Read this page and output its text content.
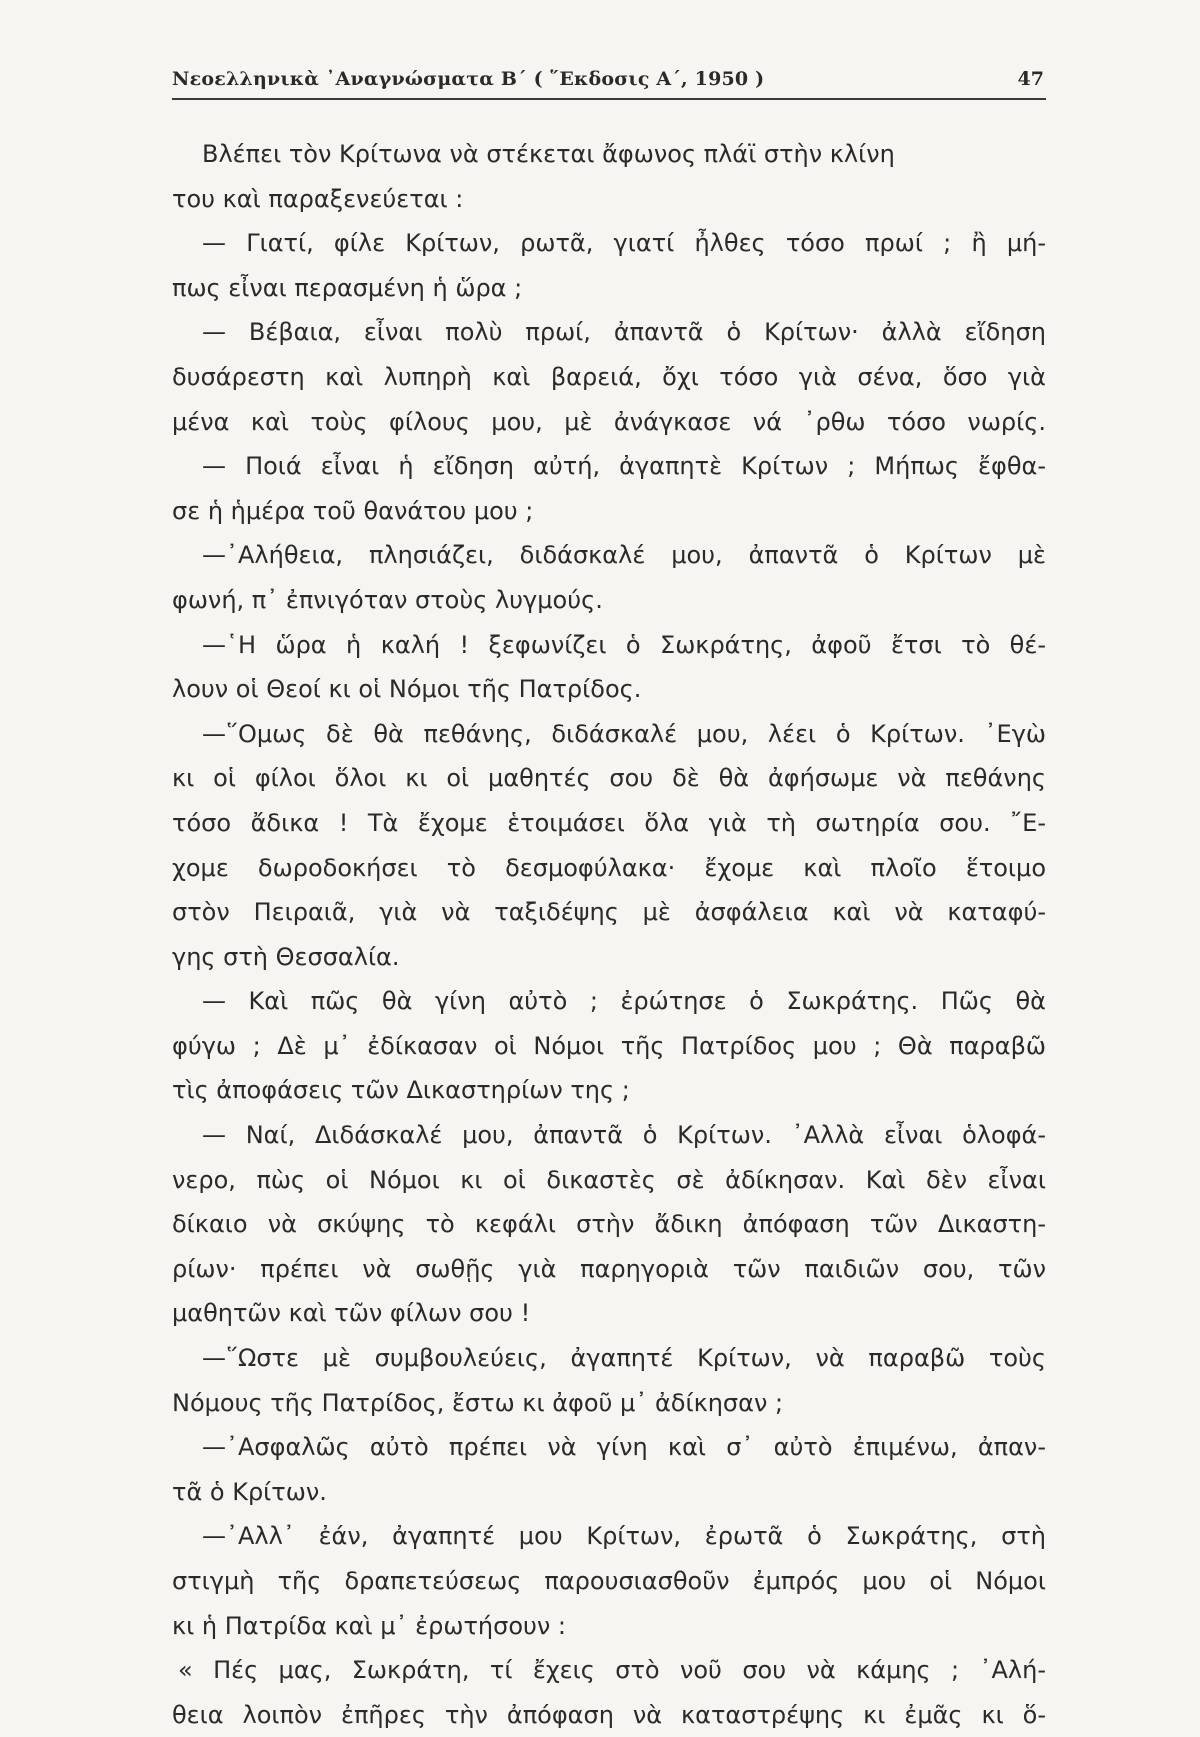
Νεοελληνικὰ ᾽Αναγνώσματα Β΄ ( ῞Εκδοσις Α΄, 1950 )	47
Βλέπει τὸν Κρίτωνα νὰ στέκεται ἄφωνος πλάϊ στὴν κλίνη
του καὶ παραξενεύεται :
— Γιατί, φίλε Κρίτων, ρωτᾶ, γιατί ἦλθες τόσο πρωί ; ἢ μή-
πως εἶναι περασμένη ἡ ὥρα ;
— Βέβαια, εἶναι πολὺ πρωί, ἀπαντᾶ ὁ Κρίτων· ἀλλὰ εἴδηση
δυσάρεστη καὶ λυπηρὴ καὶ βαρειά, ὄχι τόσο γιὰ σένα, ὅσο γιὰ
μένα καὶ τοὺς φίλους μου, μὲ ἀνάγκασε νά ᾽ρθω τόσο νωρίς.
— Ποιά εἶναι ἡ εἴδηση αὐτή, ἀγαπητὲ Κρίτων ; Μήπως ἔφθα-
σε ἡ ἡμέρα τοῦ θανάτου μου ;
—᾽Αλήθεια, πλησιάζει, διδάσκαλέ μου, ἀπαντᾶ ὁ Κρίτων μὲ
φωνή, π᾽ ἐπνιγόταν στοὺς λυγμούς.
—῾Η ὥρα ἡ καλή ! ξεφωνίζει ὁ Σωκράτης, ἀφοῦ ἔτσι τὸ θέ-
λουν οἱ Θεοί κι οἱ Νόμοι τῆς Πατρίδος.
—῞Ομως δὲ θὰ πεθάνης, διδάσκαλέ μου, λέει ὁ Κρίτων. ᾽Εγὼ
κι οἱ φίλοι ὅλοι κι οἱ μαθητές σου δὲ θὰ ἀφήσωμε νὰ πεθάνης
τόσο ἄδικα ! Τὰ ἔχομε ἑτοιμάσει ὅλα γιὰ τὴ σωτηρία σου. ῎Ε-
χομε δωροδοκήσει τὸ δεσμοφύλακα· ἔχομε καὶ πλοῖο ἕτοιμο
στὸν Πειραιᾶ, γιὰ νὰ ταξιδέψης μὲ ἀσφάλεια καὶ νὰ καταφύ-
γης στὴ Θεσσαλία.
— Καὶ πῶς θὰ γίνη αὐτὸ ; ἐρώτησε ὁ Σωκράτης. Πῶς θὰ
φύγω ; Δὲ μ᾽ ἐδίκασαν οἱ Νόμοι τῆς Πατρίδος μου ; Θὰ παραβῶ
τὶς ἀποφάσεις τῶν Δικαστηρίων της ;
— Ναί, Διδάσκαλέ μου, ἀπαντᾶ ὁ Κρίτων. ᾽Αλλὰ εἶναι ὁλοφά-
νερο, πὼς οἱ Νόμοι κι οἱ δικαστὲς σὲ ἀδίκησαν. Καὶ δὲν εἶναι
δίκαιο νὰ σκύψης τὸ κεφάλι στὴν ἄδικη ἀπόφαση τῶν Δικαστη-
ρίων· πρέπει νὰ σωθῇς γιὰ παρηγοριὰ τῶν παιδιῶν σου, τῶν
μαθητῶν καὶ τῶν φίλων σου !
—῞Ωστε μὲ συμβουλεύεις, ἀγαπητέ Κρίτων, νὰ παραβῶ τοὺς
Νόμους τῆς Πατρίδος, ἔστω κι ἀφοῦ μ᾽ ἀδίκησαν ;
—᾽Ασφαλῶς αὐτὸ πρέπει νὰ γίνη καὶ σ᾽ αὐτὸ ἐπιμένω, ἀπαν-
τᾶ ὁ Κρίτων.
—᾽Αλλ᾽ ἐάν, ἀγαπητέ μου Κρίτων, ἐρωτᾶ ὁ Σωκράτης, στὴ
στιγμὴ τῆς δραπετεύσεως παρουσιασθοῦν ἐμπρός μου οἱ Νόμοι
κι ἡ Πατρίδα καὶ μ᾽ ἐρωτήσουν :
« Πές μας, Σωκράτη, τί ἔχεις στὸ νοῦ σου νὰ κάμης ; ᾽Αλή-
θεια λοιπὸν ἐπῆρες τὴν ἀπόφαση νὰ καταστρέψης κι ἐμᾶς κι ὅ-
